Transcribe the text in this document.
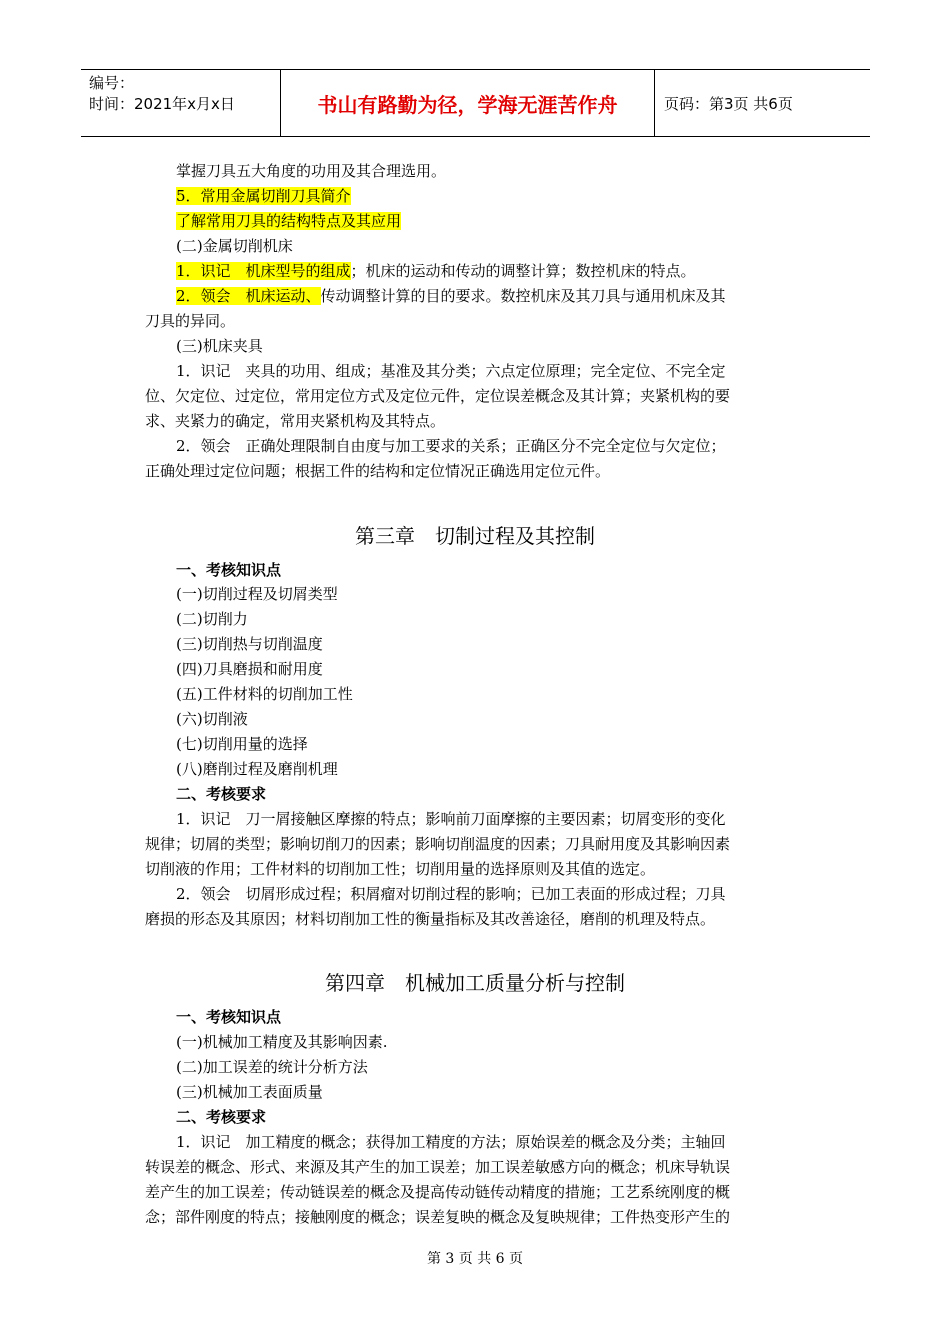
编号：
时间：2021年x月x日	书山有路勤为径，学海无涯苦作舟	页码：第3页 共6页
掌握刀具五大角度的功用及其合理选用。
5．常用金属切削刀具简介
了解常用刀具的结构特点及其应用
(二)金属切削机床
1．识记　机床型号的组成；机床的运动和传动的调整计算；数控机床的特点。
2．领会　机床运动、传动调整计算的目的要求。数控机床及其刀具与通用机床及其
刀具的异同。
(三)机床夹具
1．识记　夹具的功用、组成；基准及其分类；六点定位原理；完全定位、不完全定
位、欠定位、过定位，常用定位方式及定位元件，定位误差概念及其计算；夹紧机构的要
求、夹紧力的确定，常用夹紧机构及其特点。
2．领会　正确处理限制自由度与加工要求的关系；正确区分不完全定位与欠定位；
正确处理过定位问题；根据工件的结构和定位情况正确选用定位元件。
第三章　切制过程及其控制
一、考核知识点
(一)切削过程及切屑类型
(二)切削力
(三)切削热与切削温度
(四)刀具磨损和耐用度
(五)工件材料的切削加工性
(六)切削液
(七)切削用量的选择
(八)磨削过程及磨削机理
二、考核要求
1．识记　刀一屑接触区摩擦的特点；影响前刀面摩擦的主要因素；切屑变形的变化
规律；切屑的类型；影响切削刀的因素；影响切削温度的因素；刀具耐用度及其影响因素
切削液的作用；工件材料的切削加工性；切削用量的选择原则及其值的选定。
2．领会　切屑形成过程；积屑瘤对切削过程的影响；已加工表面的形成过程；刀具
磨损的形态及其原因；材料切削加工性的衡量指标及其改善途径，磨削的机理及特点。
第四章　机械加工质量分析与控制
一、考核知识点
(一)机械加工精度及其影响因素.
(二)加工误差的统计分析方法
(三)机械加工表面质量
二、考核要求
1．识记　加工精度的概念；获得加工精度的方法；原始误差的概念及分类；主轴回
转误差的概念、形式、来源及其产生的加工误差；加工误差敏感方向的概念；机床导轨误
差产生的加工误差；传动链误差的概念及提高传动链传动精度的措施；工艺系统刚度的概
念；部件刚度的特点；接触刚度的概念；误差复映的概念及复映规律；工件热变形产生的
第 3 页 共 6 页
